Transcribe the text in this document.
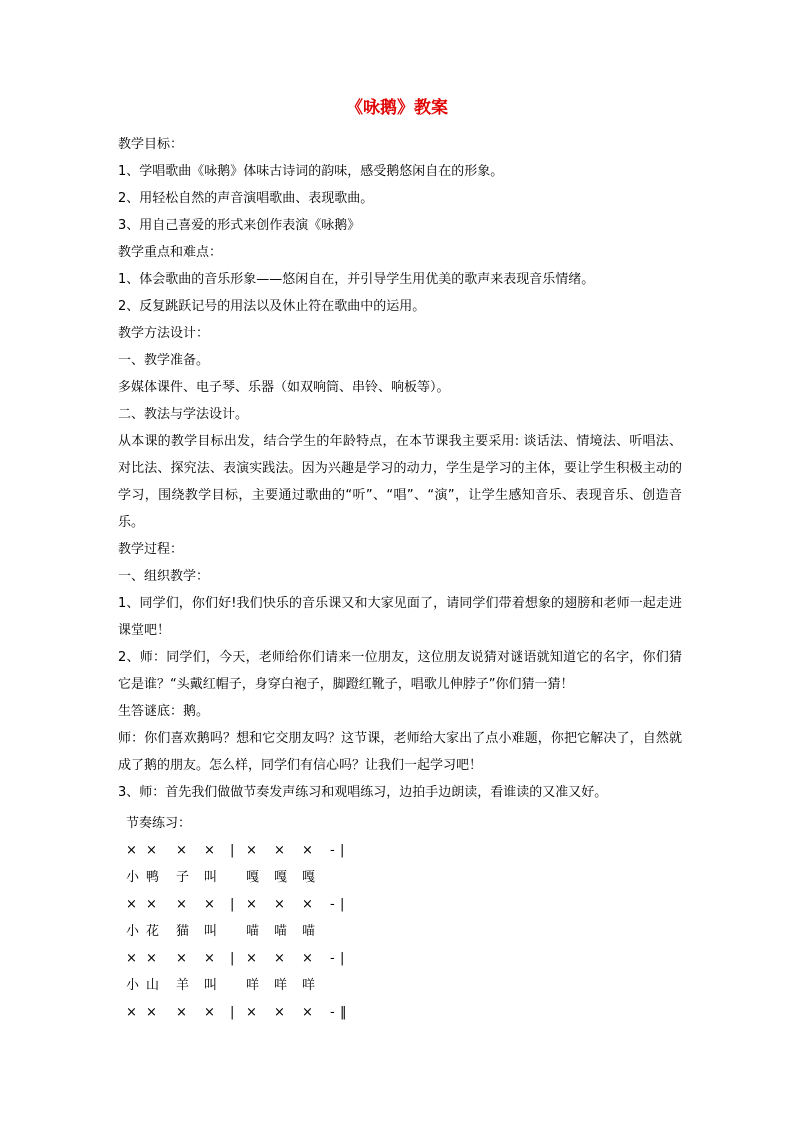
《咏鹅》教案

教学目标：

1、学唱歌曲《咏鹅》体味古诗词的韵味，感受鹅悠闲自在的形象。

2、用轻松自然的声音演唱歌曲、表现歌曲。

3、用自己喜爱的形式来创作表演《咏鹅》

教学重点和难点：

1、体会歌曲的音乐形象——悠闲自在，并引导学生用优美的歌声来表现音乐情绪。

2、反复跳跃记号的用法以及休止符在歌曲中的运用。

教学方法设计：

一、教学准备。

多媒体课件、电子琴、乐器（如双响筒、串铃、响板等）。

二、教法与学法设计。

从本课的教学目标出发，结合学生的年龄特点，在本节课我主要采用: 谈话法、情境法、听唱法、对比法、探究法、表演实践法。因为兴趣是学习的动力，学生是学习的主体，要让学生积极主动的学习，围绕教学目标，主要通过歌曲的“听”、“唱”、“演”，让学生感知音乐、表现音乐、创造音乐。

教学过程：

一、组织教学：

1、同学们，你们好!我们快乐的音乐课又和大家见面了，请同学们带着想象的翅膀和老师一起走进课堂吧！

2、师：同学们，今天，老师给你们请来一位朋友，这位朋友说猜对谜语就知道它的名字，你们猜它是谁？“头戴红帽子，身穿白袍子，脚蹬红靴子，唱歌儿伸脖子”你们猜一猜！

生答谜底：鹅。

师：你们喜欢鹅吗？想和它交朋友吗？这节课，老师给大家出了点小难题，你把它解决了，自然就成了鹅的朋友。怎么样，同学们有信心吗？让我们一起学习吧！

3、师：首先我们做做节奏发声练习和观唱练习，边拍手边朗读，看谁读的又准又好。

节奏练习：
× × × × | × × × - |
小 鸭 子 叫 嘎 嘎 嘎
× × × × | × × × - |
小 花 猫 叫 喵 喵 喵
× × × × | × × × - |
小 山 羊 叫 咩 咩 咩
× × × × | × × × - ‖
